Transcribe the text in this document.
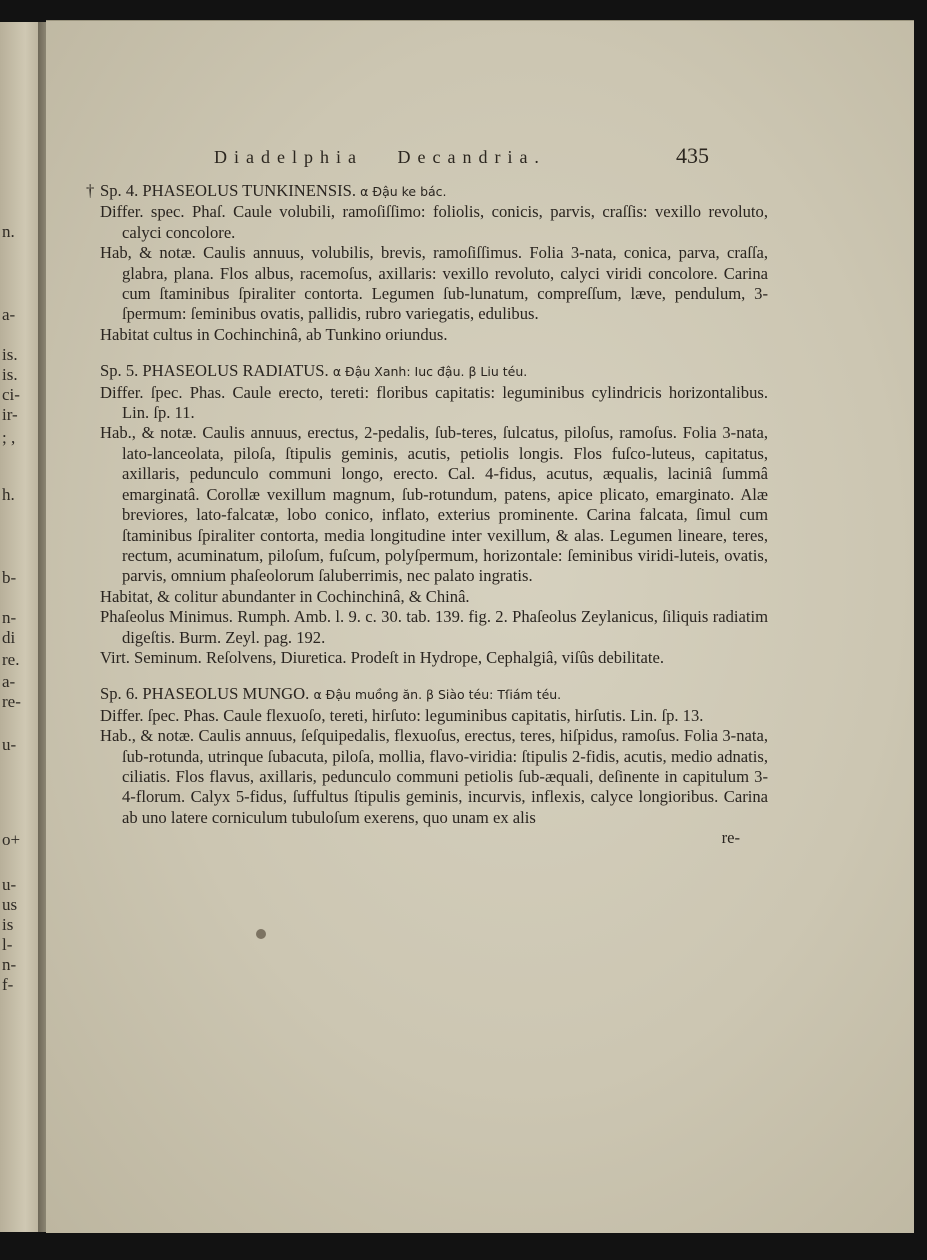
n.
a-
is.
is.
ci-
ir-
; ,
h.
b-
n-
di
re.
a-
re-
u-
o+
u-
us
is
l-
n-
f-
Diadelphia Decandria.	435
† Sp. 4. PHASEOLUS TUNKINENSIS. α Đậu ke bác.
Differ. spec. Phaſ. Caule volubili, ramoſiſſimo: foliolis, conicis, parvis, craſſis: vexillo revoluto, calyci concolore.
Hab, & notæ. Caulis annuus, volubilis, brevis, ramoſiſſimus. Folia 3-nata, conica, parva, craſſa, glabra, plana. Flos albus, racemoſus, axillaris: vexillo revoluto, calyci viridi concolore. Carina cum ſtaminibus ſpiraliter contorta. Legumen ſub-lunatum, compreſſum, læve, pendulum, 3-ſpermum: ſeminibus ovatis, pallidis, rubro variegatis, edulibus.
Habitat cultus in Cochinchinâ, ab Tunkino oriundus.
Sp. 5. PHASEOLUS RADIATUS. α Đậu Xanh: Iuc đậu. β Liu téu.
Differ. ſpec. Phas. Caule erecto, tereti: floribus capitatis: leguminibus cylindricis horizontalibus. Lin. ſp. 11.
Hab., & notæ. Caulis annuus, erectus, 2-pedalis, ſub-teres, ſulcatus, piloſus, ramoſus. Folia 3-nata, lato-lanceolata, piloſa, ſtipulis geminis, acutis, petiolis longis. Flos fuſco-luteus, capitatus, axillaris, pedunculo communi longo, erecto. Cal. 4-fidus, acutus, æqualis, laciniâ ſummâ emarginatâ. Corollæ vexillum magnum, ſub-rotundum, patens, apice plicato, emarginato. Alæ breviores, lato-falcatæ, lobo conico, inflato, exterius prominente. Carina falcata, ſimul cum ſtaminibus ſpiraliter contorta, media longitudine inter vexillum, & alas. Legumen lineare, teres, rectum, acuminatum, piloſum, fuſcum, polyſpermum, horizontale: ſeminibus viridi-luteis, ovatis, parvis, omnium phaſeolorum ſaluberrimis, nec palato ingratis.
Habitat, & colitur abundanter in Cochinchinâ, & Chinâ.
Phaſeolus Minimus. Rumph. Amb. l. 9. c. 30. tab. 139. fig. 2. Phaſeolus Zeylanicus, ſiliquis radiatim digeſtis. Burm. Zeyl. pag. 192.
Virt. Seminum. Reſolvens, Diuretica. Prodeſt in Hydrope, Cephalgiâ, viſûs debilitate.
Sp. 6. PHASEOLUS MUNGO. α Đậu muồng ăn. β Siào téu: Tſiám téu.
Differ. ſpec. Phas. Caule flexuoſo, tereti, hirſuto: leguminibus capitatis, hirſutis. Lin. ſp. 13.
Hab., & notæ. Caulis annuus, ſeſquipedalis, flexuoſus, erectus, teres, hiſpidus, ramoſus. Folia 3-nata, ſub-rotunda, utrinque ſubacuta, piloſa, mollia, flavo-viridia: ſtipulis 2-fidis, acutis, medio adnatis, ciliatis. Flos flavus, axillaris, pedunculo communi petiolis ſub-æquali, deſinente in capitulum 3-4-florum. Calyx 5-fidus, ſuffultus ſtipulis geminis, incurvis, inflexis, calyce longioribus. Carina ab uno latere corniculum tubuloſum exerens, quo unam ex alis
re-
